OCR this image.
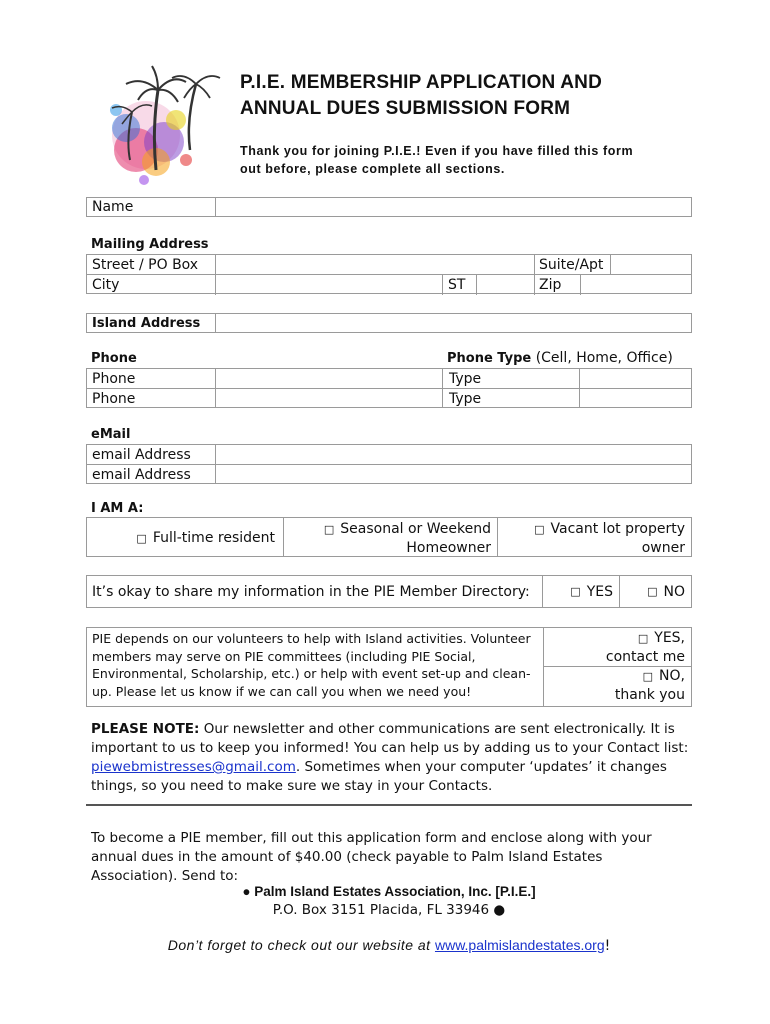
P.I.E. MEMBERSHIP APPLICATION AND
ANNUAL DUES SUBMISSION FORM
Thank you for joining P.I.E.! Even if you have filled this form
out before, please complete all sections.
Name
Mailing Address
Street / PO Box	Suite/Apt
City	ST	Zip
Island Address
Phone	Phone Type (Cell, Home, Office)
Phone	Type
Phone	Type
eMail
email Address
email Address
I AM A:
□ Full-time resident
□ Seasonal or Weekend
Homeowner
□ Vacant lot property
owner
It’s okay to share my information in the PIE Member Directory:	□ YES	□ NO
PIE depends on our volunteers to help with Island activities. Volunteer
members may serve on PIE committees (including PIE Social,
Environmental, Scholarship, etc.) or help with event set-up and clean-
up. Please let us know if we can call you when we need you!
□ YES,
contact me
□ NO,
thank you
PLEASE NOTE: Our newsletter and other communications are sent electronically. It is important to us to keep you informed! You can help us by adding us to your Contact list: piewebmistresses@gmail.com. Sometimes when your computer ‘updates’ it changes things, so you need to make sure we stay in your Contacts.
To become a PIE member, fill out this application form and enclose along with your annual dues in the amount of $40.00 (check payable to Palm Island Estates Association). Send to:
● Palm Island Estates Association, Inc. [P.I.E.]
P.O. Box 3151 Placida, FL 33946 ●
Don’t forget to check out our website at www.palmislandestates.org!
